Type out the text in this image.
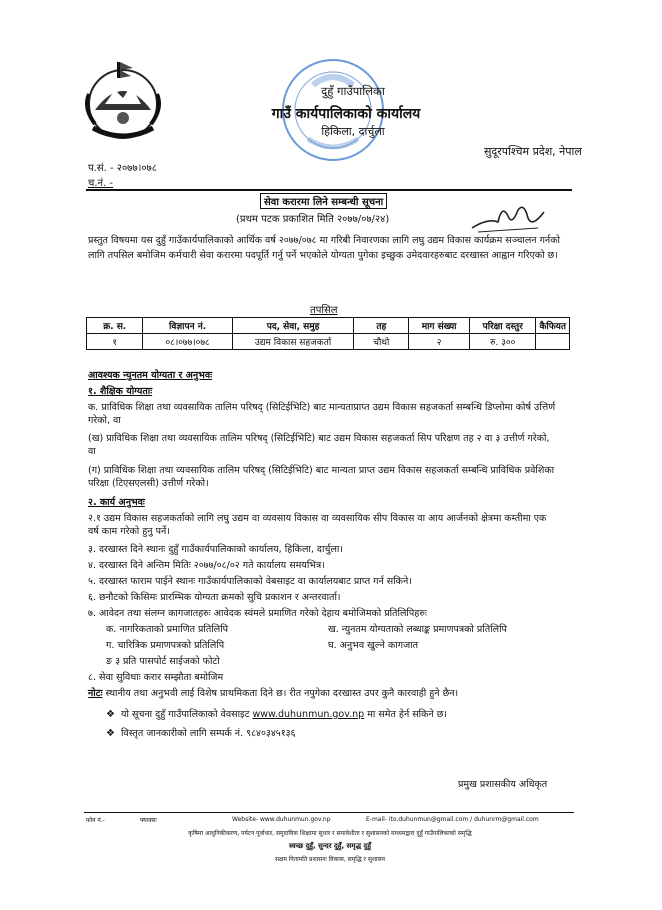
दुहुँ गाउँपालिका
गाउँ कार्यपालिकाको कार्यालय
हिकिला, दार्चुला
सुदूरपश्चिम प्रदेश, नेपाल
प.सं. - २०७७।०७८
च.नं. -
सेवा करारमा लिने सम्बन्धी सूचना
(प्रथम पटक प्रकाशित मिति २०७७/०७/२४)
प्रस्तुत विषयमा यस दुहुँ गाउँकार्यपालिकाको आर्थिक वर्ष २०७७/०७८ मा गरिबी निवारणका लागि लघु उद्यम विकास कार्यक्रम सञ्चालन गर्नको लागि तपसिल बमोजिम कर्मचारी सेवा करारमा पदपूर्ति गर्नु पर्ने भएकोले योग्यता पुगेका इच्छुक उमेदवारहरुबाट दरखास्त आह्वान गरिएको छ।
तपसिल
क्र. स.	विज्ञापन नं.	पद, सेवा, समुह	तह	माग संख्या	परिक्षा दस्तुर	कैफियत
१	०८।०७७।०७८	उद्यम विकास सहजकर्ता	चौथो	२	रु. ३००	
आवश्यक न्युनतम योग्यता र अनुभवः
१. शैक्षिक योग्यताः
क. प्राविधिक शिक्षा तथा व्यवसायिक तालिम परिषद् (सिटिईभिटि) बाट मान्यताप्राप्त उद्यम विकास सहजकर्ता सम्बन्धि डिप्लोमा कोर्ष उत्तिर्ण गरेको, वा
(ख) प्राविधिक शिक्षा तथा व्यवसायिक तालिम परिषद् (सिटिईभिटि) बाट उद्यम विकास सहजकर्ता सिप परिक्षण तह २ वा ३ उत्तीर्ण गरेको, वा
(ग) प्राविधिक शिक्षा तथा व्यवसायिक तालिम परिषद् (सिटिईभिटि) बाट मान्यता प्राप्त उद्यम विकास सहजकर्ता सम्बन्धि प्राविधिक प्रवेशिका परिक्षा (टिएसएलसी) उत्तीर्ण गरेको।
२. कार्य अनुभवः
२.१ उद्यम विकास सहजकर्ताको लागि लघु उद्यम वा व्यवसाय विकास वा व्यवसायिक सीप विकास वा आय आर्जनको क्षेत्रमा कम्तीमा एक वर्ष काम गरेको हुनु पर्ने।
३. दरखास्त दिने स्थानः दुहुँ गाउँकार्यपालिकाको कार्यालय, हिकिला, दार्चुला।
४. दरखास्त दिने अन्तिम मितिः २०७७/०८/०२ गते कार्यालय समयभित्र।
५. दरखास्त फाराम पाईने स्थानः गाउँकार्यपालिकाको वेबसाइट वा कार्यालयबाट प्राप्त गर्न सकिने।
६. छनौटको किसिमः प्रारम्भिक योग्यता क्रमको सुचि प्रकाशन र अन्तरवार्ता।
७. आवेदन तथा संलग्न कागजातहरुः आवेदक स्वंमले प्रमाणित गरेको देहाय बमोजिमको प्रतिलिपिहरुः
क. नागरिकताको प्रमाणित प्रतिलिपि	ख. न्युनतम योग्यताको लब्धाङ्क प्रमाणपत्रको प्रतिलिपि
ग. चारित्रिक प्रमाणपत्रको प्रतिलिपि	घ. अनुभव खुल्ने कागजात
ङ ३ प्रति पासपोर्ट साईजको फोटो
८. सेवा सुविधाः करार सम्झौता बमोजिम
नोटः स्थानीय तथा अनुभवी लाई विशेष प्राथमिकता दिने छ। रीत नपुगेका दरखास्त उपर कुनै कारवाही हुने छैन।
❖ यो सूचना दुहुँ गाउँपालिकाको वेवसाइट www.duhunmun.gov.np मा समेत हेर्न सकिने छ।
❖ विस्तृत जानकारीको लागि सम्पर्क नं. ९८४०३४५१३६
प्रमुख प्रशासकीय अधिकृत
फोन नं.-	फ्याक्सः	Website- www.duhunmun.gov.np	E-mail- ito.duhunmun@gmail.com / duhunrm@gmail.com
कृषिमा आधुनिकीकरण, पर्यटन पूर्वाधार, समुदायिक शिक्षामा सुधार र समावेशीता र सुशासनको माध्यमद्वारा दुहुँ गाउँपालिकाको समृद्धि
स्वच्छ दुहुँ, सुन्दर दुहुँ, समृद्ध दुहुँ
सक्षम नितामति प्रशासनः विकास, समृद्धि र सुशासन
